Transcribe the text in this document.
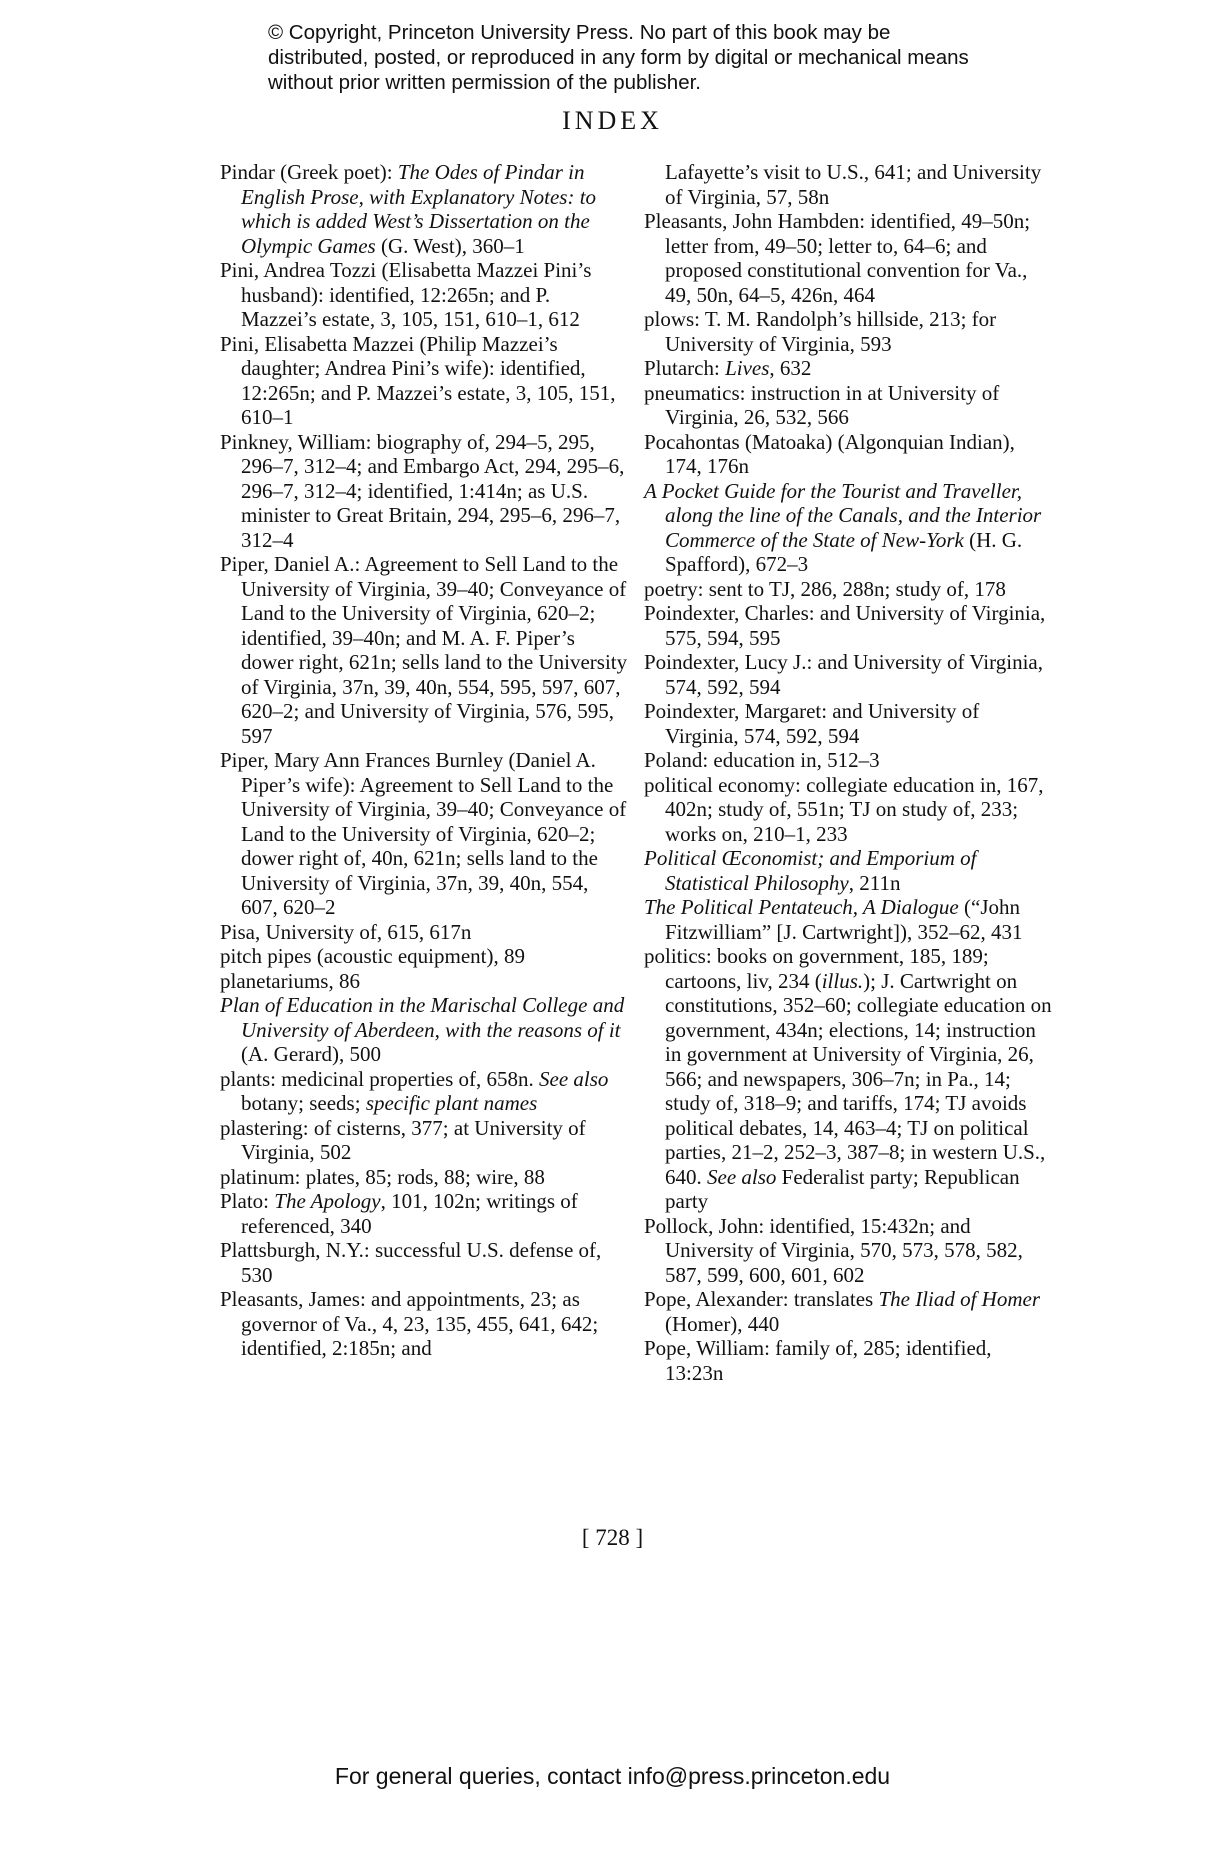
© Copyright, Princeton University Press. No part of this book may be distributed, posted, or reproduced in any form by digital or mechanical means without prior written permission of the publisher.
INDEX

Pindar (Greek poet): The Odes of Pindar in English Prose, with Explanatory Notes: to which is added West’s Dissertation on the Olympic Games (G. West), 360–1

Pini, Andrea Tozzi (Elisabetta Mazzei Pini’s husband): identified, 12:265n; and P. Mazzei’s estate, 3, 105, 151, 610–1, 612

Pini, Elisabetta Mazzei (Philip Mazzei’s daughter; Andrea Pini’s wife): identified, 12:265n; and P. Mazzei’s estate, 3, 105, 151, 610–1

Pinkney, William: biography of, 294–5, 295, 296–7, 312–4; and Embargo Act, 294, 295–6, 296–7, 312–4; identified, 1:414n; as U.S. minister to Great Britain, 294, 295–6, 296–7, 312–4

Piper, Daniel A.: Agreement to Sell Land to the University of Virginia, 39–40; Conveyance of Land to the University of Virginia, 620–2; identified, 39–40n; and M. A. F. Piper’s dower right, 621n; sells land to the University of Virginia, 37n, 39, 40n, 554, 595, 597, 607, 620–2; and University of Virginia, 576, 595, 597

Piper, Mary Ann Frances Burnley (Daniel A. Piper’s wife): Agreement to Sell Land to the University of Virginia, 39–40; Conveyance of Land to the University of Virginia, 620–2; dower right of, 40n, 621n; sells land to the University of Virginia, 37n, 39, 40n, 554, 607, 620–2

Pisa, University of, 615, 617n

pitch pipes (acoustic equipment), 89

planetariums, 86

Plan of Education in the Marischal College and University of Aberdeen, with the reasons of it (A. Gerard), 500

plants: medicinal properties of, 658n. See also botany; seeds; specific plant names

plastering: of cisterns, 377; at University of Virginia, 502

platinum: plates, 85; rods, 88; wire, 88

Plato: The Apology, 101, 102n; writings of referenced, 340

Plattsburgh, N.Y.: successful U.S. defense of, 530

Pleasants, James: and appointments, 23; as governor of Va., 4, 23, 135, 455, 641, 642; identified, 2:185n; and

Lafayette’s visit to U.S., 641; and University of Virginia, 57, 58n

Pleasants, John Hambden: identified, 49–50n; letter from, 49–50; letter to, 64–6; and proposed constitutional convention for Va., 49, 50n, 64–5, 426n, 464

plows: T. M. Randolph’s hillside, 213; for University of Virginia, 593

Plutarch: Lives, 632

pneumatics: instruction in at University of Virginia, 26, 532, 566

Pocahontas (Matoaka) (Algonquian Indian), 174, 176n

A Pocket Guide for the Tourist and Traveller, along the line of the Canals, and the Interior Commerce of the State of New-York (H. G. Spafford), 672–3

poetry: sent to TJ, 286, 288n; study of, 178

Poindexter, Charles: and University of Virginia, 575, 594, 595

Poindexter, Lucy J.: and University of Virginia, 574, 592, 594

Poindexter, Margaret: and University of Virginia, 574, 592, 594

Poland: education in, 512–3

political economy: collegiate education in, 167, 402n; study of, 551n; TJ on study of, 233; works on, 210–1, 233

Political Œconomist; and Emporium of Statistical Philosophy, 211n

The Political Pentateuch, A Dialogue (“John Fitzwilliam” [J. Cartwright]), 352–62, 431

politics: books on government, 185, 189; cartoons, liv, 234 (illus.); J. Cartwright on constitutions, 352–60; collegiate education on government, 434n; elections, 14; instruction in government at University of Virginia, 26, 566; and newspapers, 306–7n; in Pa., 14; study of, 318–9; and tariffs, 174; TJ avoids political debates, 14, 463–4; TJ on political parties, 21–2, 252–3, 387–8; in western U.S., 640. See also Federalist party; Republican party

Pollock, John: identified, 15:432n; and University of Virginia, 570, 573, 578, 582, 587, 599, 600, 601, 602

Pope, Alexander: translates The Iliad of Homer (Homer), 440

Pope, William: family of, 285; identified, 13:23n

[ 728 ]
For general queries, contact info@press.princeton.edu
